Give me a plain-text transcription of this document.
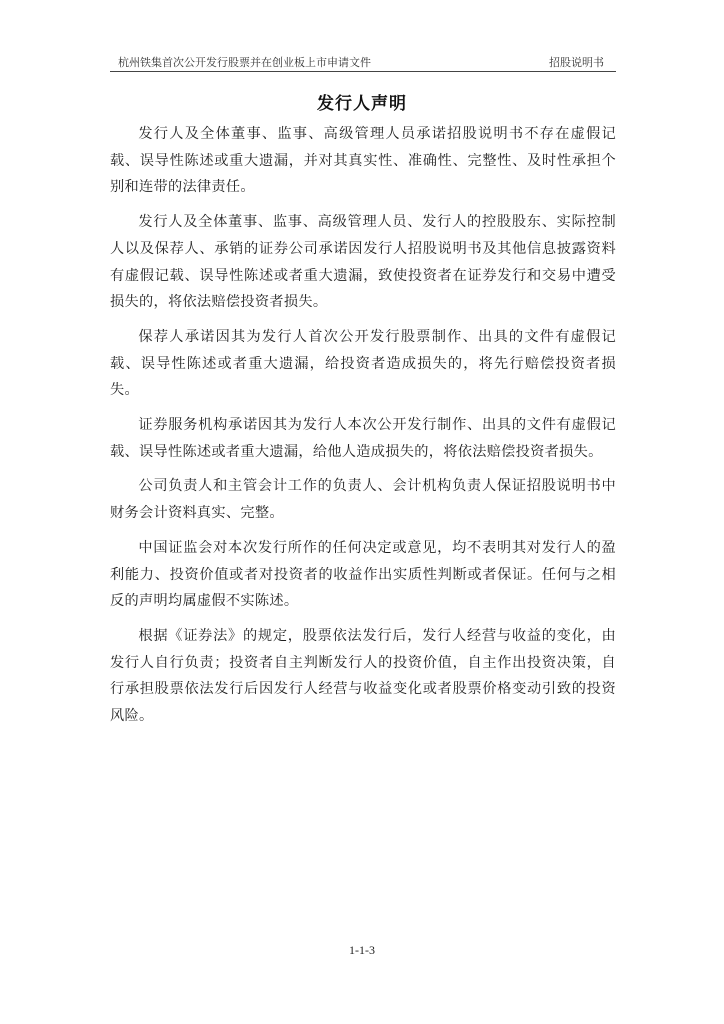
杭州铁集首次公开发行股票并在创业板上市申请文件	招股说明书
发行人声明

发行人及全体董事、监事、高级管理人员承诺招股说明书不存在虚假记载、误导性陈述或重大遗漏，并对其真实性、准确性、完整性、及时性承担个别和连带的法律责任。

发行人及全体董事、监事、高级管理人员、发行人的控股股东、实际控制人以及保荐人、承销的证券公司承诺因发行人招股说明书及其他信息披露资料有虚假记载、误导性陈述或者重大遗漏，致使投资者在证券发行和交易中遭受损失的，将依法赔偿投资者损失。

保荐人承诺因其为发行人首次公开发行股票制作、出具的文件有虚假记载、误导性陈述或者重大遗漏，给投资者造成损失的，将先行赔偿投资者损失。

证券服务机构承诺因其为发行人本次公开发行制作、出具的文件有虚假记载、误导性陈述或者重大遗漏，给他人造成损失的，将依法赔偿投资者损失。

公司负责人和主管会计工作的负责人、会计机构负责人保证招股说明书中财务会计资料真实、完整。

中国证监会对本次发行所作的任何决定或意见，均不表明其对发行人的盈利能力、投资价值或者对投资者的收益作出实质性判断或者保证。任何与之相反的声明均属虚假不实陈述。

根据《证券法》的规定，股票依法发行后，发行人经营与收益的变化，由发行人自行负责；投资者自主判断发行人的投资价值，自主作出投资决策，自行承担股票依法发行后因发行人经营与收益变化或者股票价格变动引致的投资风险。

1-1-3
